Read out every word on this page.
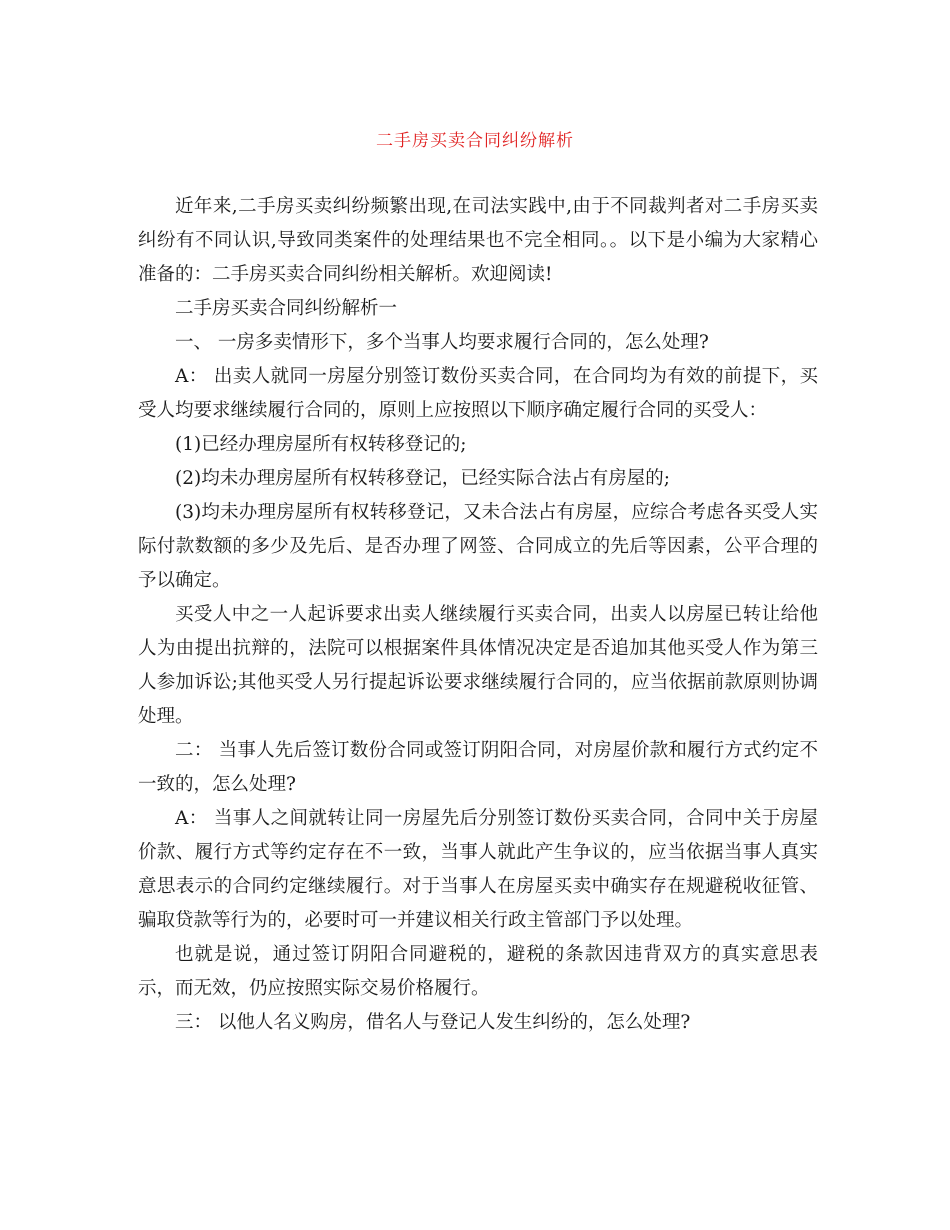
二手房买卖合同纠纷解析

近年来,二手房买卖纠纷频繁出现,在司法实践中,由于不同裁判者对二手房买卖纠纷有不同认识,导致同类案件的处理结果也不完全相同。。以下是小编为大家精心准备的：二手房买卖合同纠纷相关解析。欢迎阅读!

二手房买卖合同纠纷解析一

一、 一房多卖情形下，多个当事人均要求履行合同的，怎么处理?

A： 出卖人就同一房屋分别签订数份买卖合同，在合同均为有效的前提下，买受人均要求继续履行合同的，原则上应按照以下顺序确定履行合同的买受人：

(1)已经办理房屋所有权转移登记的;

(2)均未办理房屋所有权转移登记，已经实际合法占有房屋的;

(3)均未办理房屋所有权转移登记，又未合法占有房屋，应综合考虑各买受人实际付款数额的多少及先后、是否办理了网签、合同成立的先后等因素，公平合理的予以确定。

买受人中之一人起诉要求出卖人继续履行买卖合同，出卖人以房屋已转让给他人为由提出抗辩的，法院可以根据案件具体情况决定是否追加其他买受人作为第三人参加诉讼;其他买受人另行提起诉讼要求继续履行合同的，应当依据前款原则协调处理。

二： 当事人先后签订数份合同或签订阴阳合同，对房屋价款和履行方式约定不一致的，怎么处理?

A： 当事人之间就转让同一房屋先后分别签订数份买卖合同，合同中关于房屋价款、履行方式等约定存在不一致，当事人就此产生争议的，应当依据当事人真实意思表示的合同约定继续履行。对于当事人在房屋买卖中确实存在规避税收征管、骗取贷款等行为的，必要时可一并建议相关行政主管部门予以处理。

也就是说，通过签订阴阳合同避税的，避税的条款因违背双方的真实意思表示，而无效，仍应按照实际交易价格履行。

三： 以他人名义购房，借名人与登记人发生纠纷的，怎么处理?
